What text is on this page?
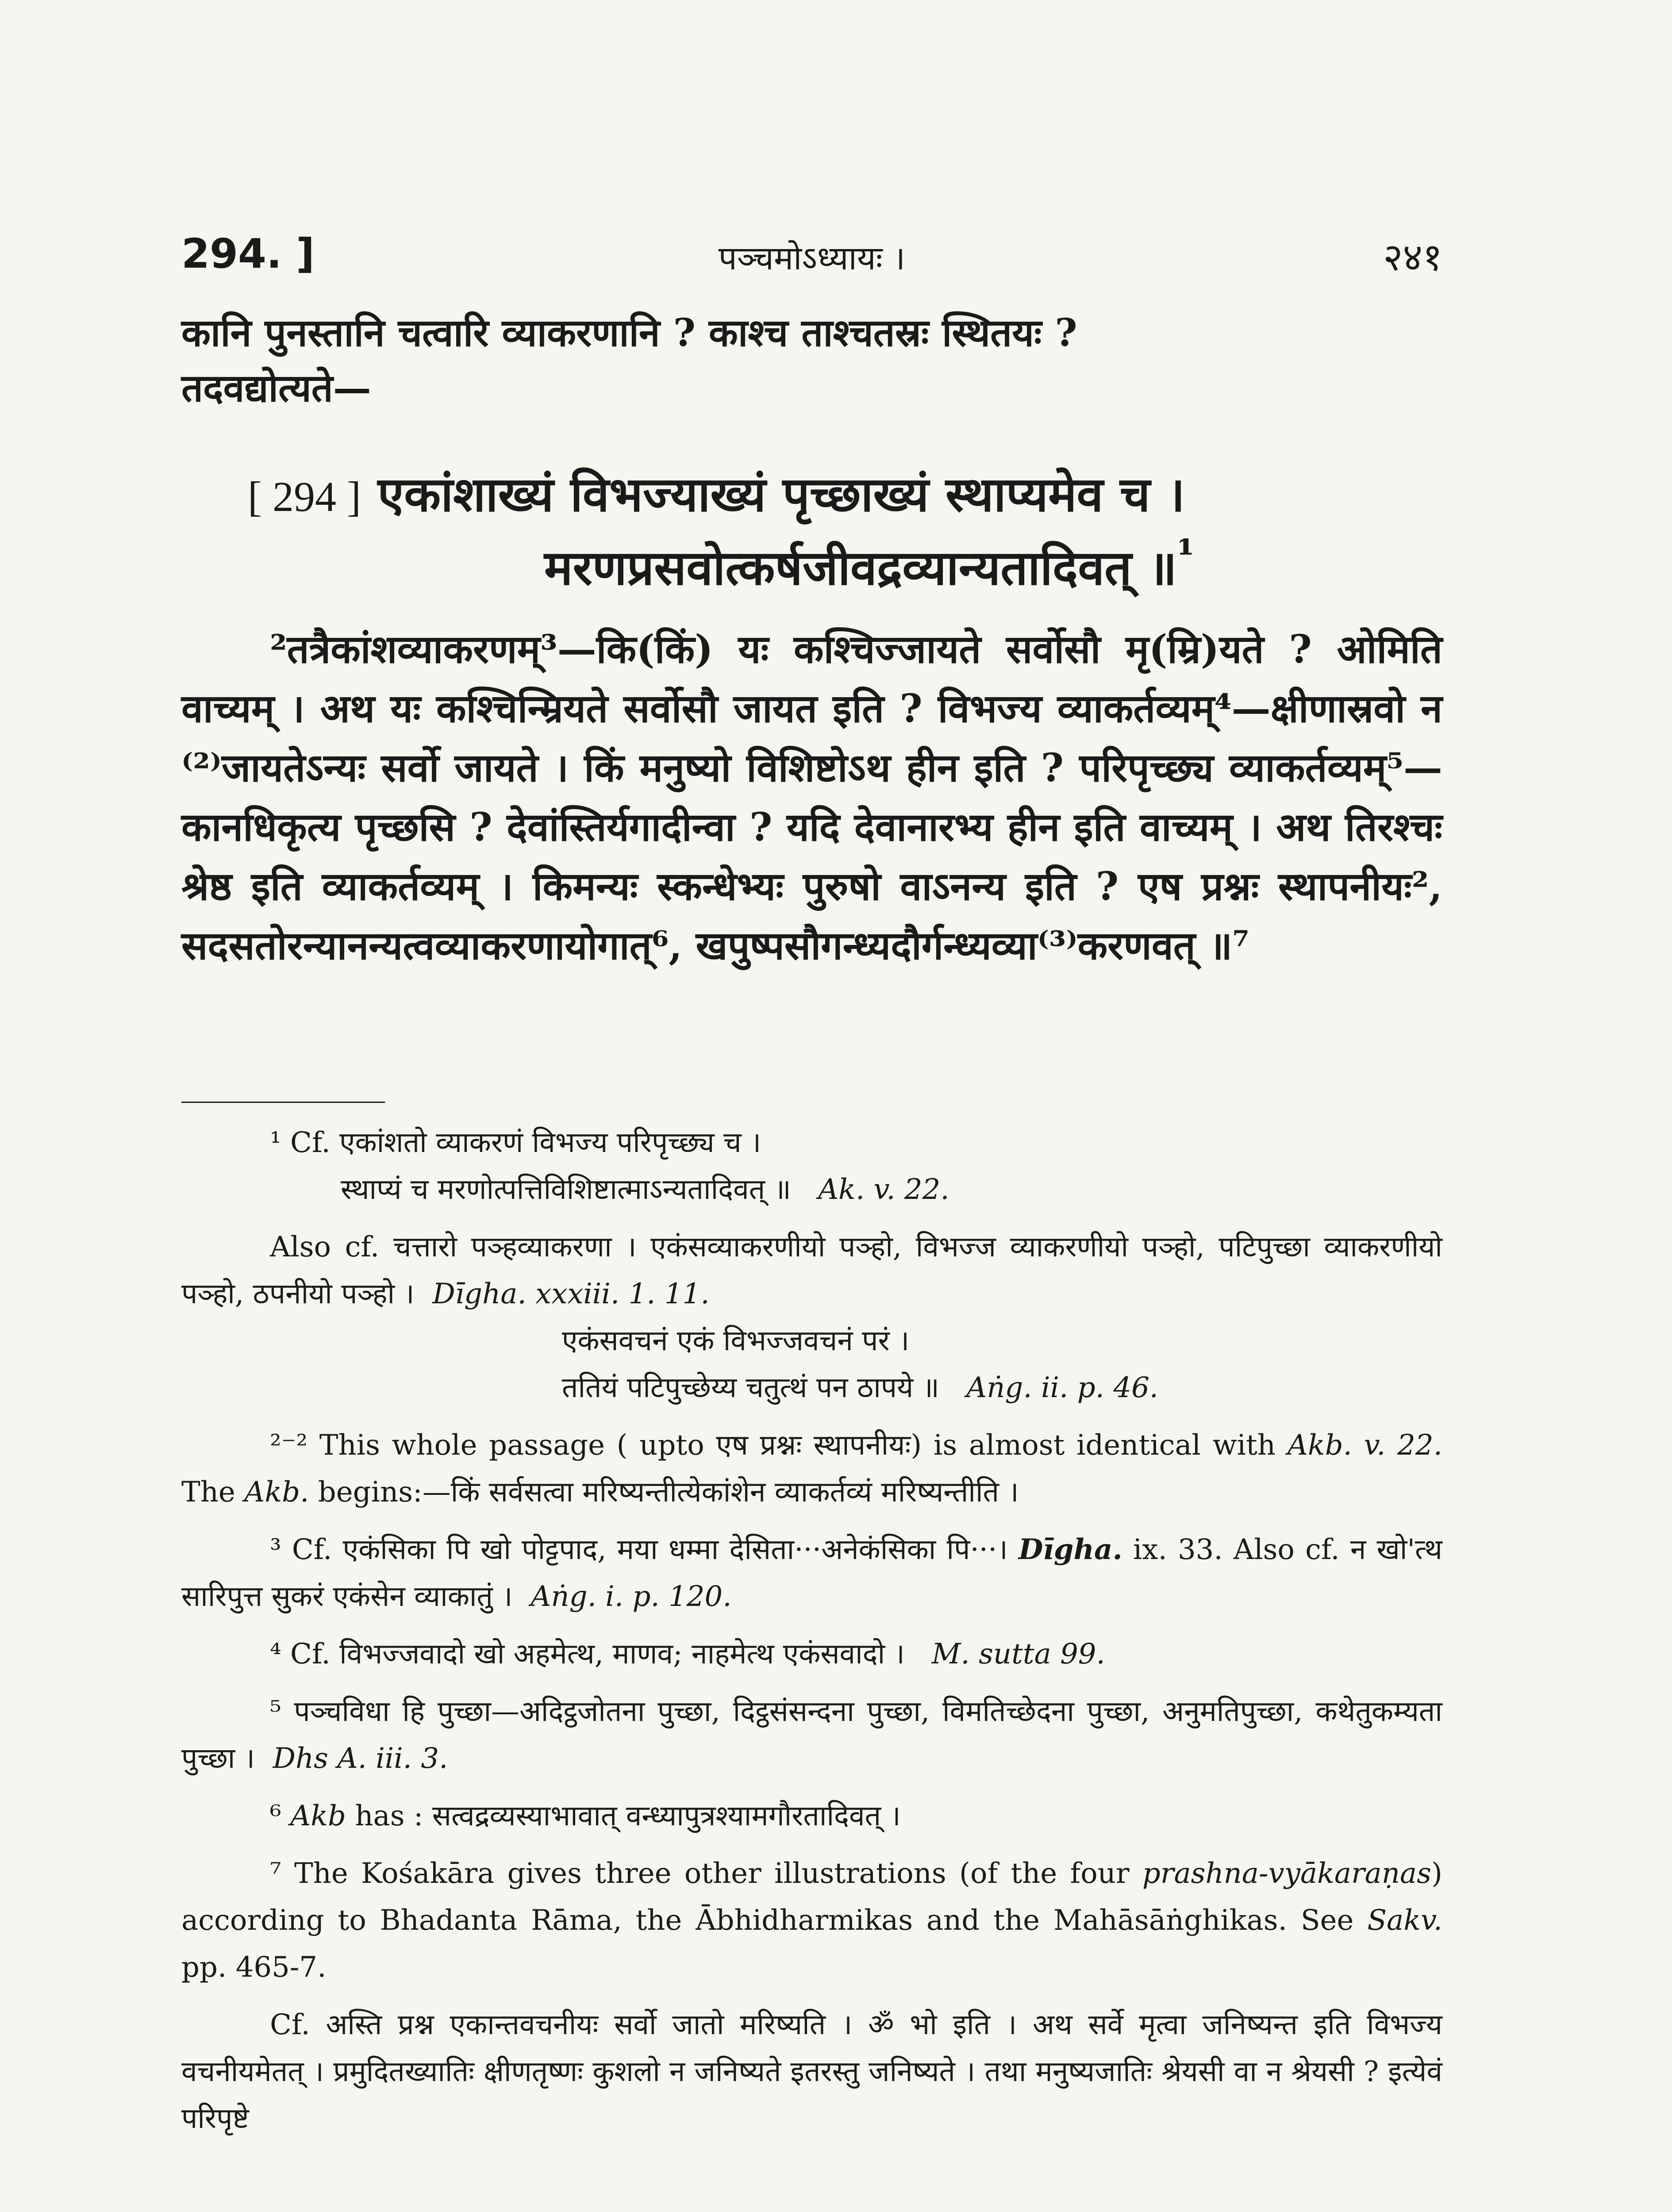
294. ]	पञ्चमोऽध्यायः ।	२४१
कानि पुनस्तानि चत्वारि व्याकरणानि ? काश्च ताश्चतस्रः स्थितयः ?
तदवद्योत्यते—
[ 294 ] एकांशाख्यं विभज्याख्यं पृच्छाख्यं स्थाप्यमेव च ।
मरणप्रसवोत्कर्षजीवद्रव्यान्यतादिवत् ॥$^{^1}$
²तत्रैकांशव्याकरणम्³—कि(किं) यः कश्चिज्जायते सर्वोसौ मृ(म्रि)यते ? ओमिति वाच्यम् । अथ यः कश्चिन्म्रियते सर्वोसौ जायत इति ? विभज्य व्याकर्तव्यम्⁴—क्षीणास्रवो न ⁽²⁾जायतेऽन्यः सर्वो जायते । किं मनुष्यो विशिष्टोऽथ हीन इति ? परिपृच्छ्य व्याकर्तव्यम्⁵—कानधिकृत्य पृच्छसि ? देवांस्तिर्यगादीन्वा ? यदि देवानारभ्य हीन इति वाच्यम् । अथ तिरश्चः श्रेष्ठ इति व्याकर्तव्यम् । किमन्यः स्कन्धेभ्यः पुरुषो वाऽनन्य इति ? एष प्रश्नः स्थापनीयः², सदसतोरन्यानन्यत्वव्याकरणायोगात्⁶, खपुष्पसौगन्ध्यदौर्गन्ध्यव्या⁽³⁾करणवत् ॥⁷

¹ Cf. एकांशतो व्याकरणं विभज्य परिपृच्छ्य च ।

स्थाप्यं च मरणोत्पत्तिविशिष्टात्माऽन्यतादिवत् ॥ Ak. v. 22.

Also cf. चत्तारो पञ्हव्याकरणा । एकंसव्याकरणीयो पञ्हो, विभज्ज व्याकरणीयो पञ्हो, पटिपुच्छा व्याकरणीयो पञ्हो, ठपनीयो पञ्हो । Dīgha. xxxiii. 1. 11.

एकंसवचनं एकं विभज्जवचनं परं ।

ततियं पटिपुच्छेय्य चतुत्थं पन ठापये ॥ Aṅg. ii. p. 46.

²⁻² This whole passage ( upto एष प्रश्नः स्थापनीयः) is almost identical with Akb. v. 22. The Akb. begins:—किं सर्वसत्वा मरिष्यन्तीत्येकांशेन व्याकर्तव्यं मरिष्यन्तीति ।

³ Cf. एकंसिका पि खो पोट्टपाद, मया धम्मा देसिता···अनेकंसिका पि···। Dīgha. ix. 33. Also cf. न खो'त्थ सारिपुत्त सुकरं एकंसेन व्याकातुं । Aṅg. i. p. 120.

⁴ Cf. विभज्जवादो खो अहमेत्थ, माणव; नाहमेत्थ एकंसवादो । M. sutta 99.

⁵ पञ्चविधा हि पुच्छा—अदिट्ठजोतना पुच्छा, दिट्ठसंसन्दना पुच्छा, विमतिच्छेदना पुच्छा, अनुमतिपुच्छा, कथेतुकम्यता पुच्छा । Dhs A. iii. 3.

⁶ Akb has : सत्वद्रव्यस्याभावात् वन्ध्यापुत्रश्यामगौरतादिवत् ।

⁷ The Kośakāra gives three other illustrations (of the four prashna-vyākaraṇas) according to Bhadanta Rāma, the Ābhidharmikas and the Mahāsāṅghikas. See Sakv. pp. 465-7.

Cf. अस्ति प्रश्न एकान्तवचनीयः सर्वो जातो मरिष्यति । ॐ भो इति । अथ सर्वे मृत्वा जनिष्यन्त इति विभज्य वचनीयमेतत् । प्रमुदितख्यातिः क्षीणतृष्णः कुशलो न जनिष्यते इतरस्तु जनिष्यते । तथा मनुष्यजातिः श्रेयसी वा न श्रेयसी ? इत्येवं परिपृष्टे
